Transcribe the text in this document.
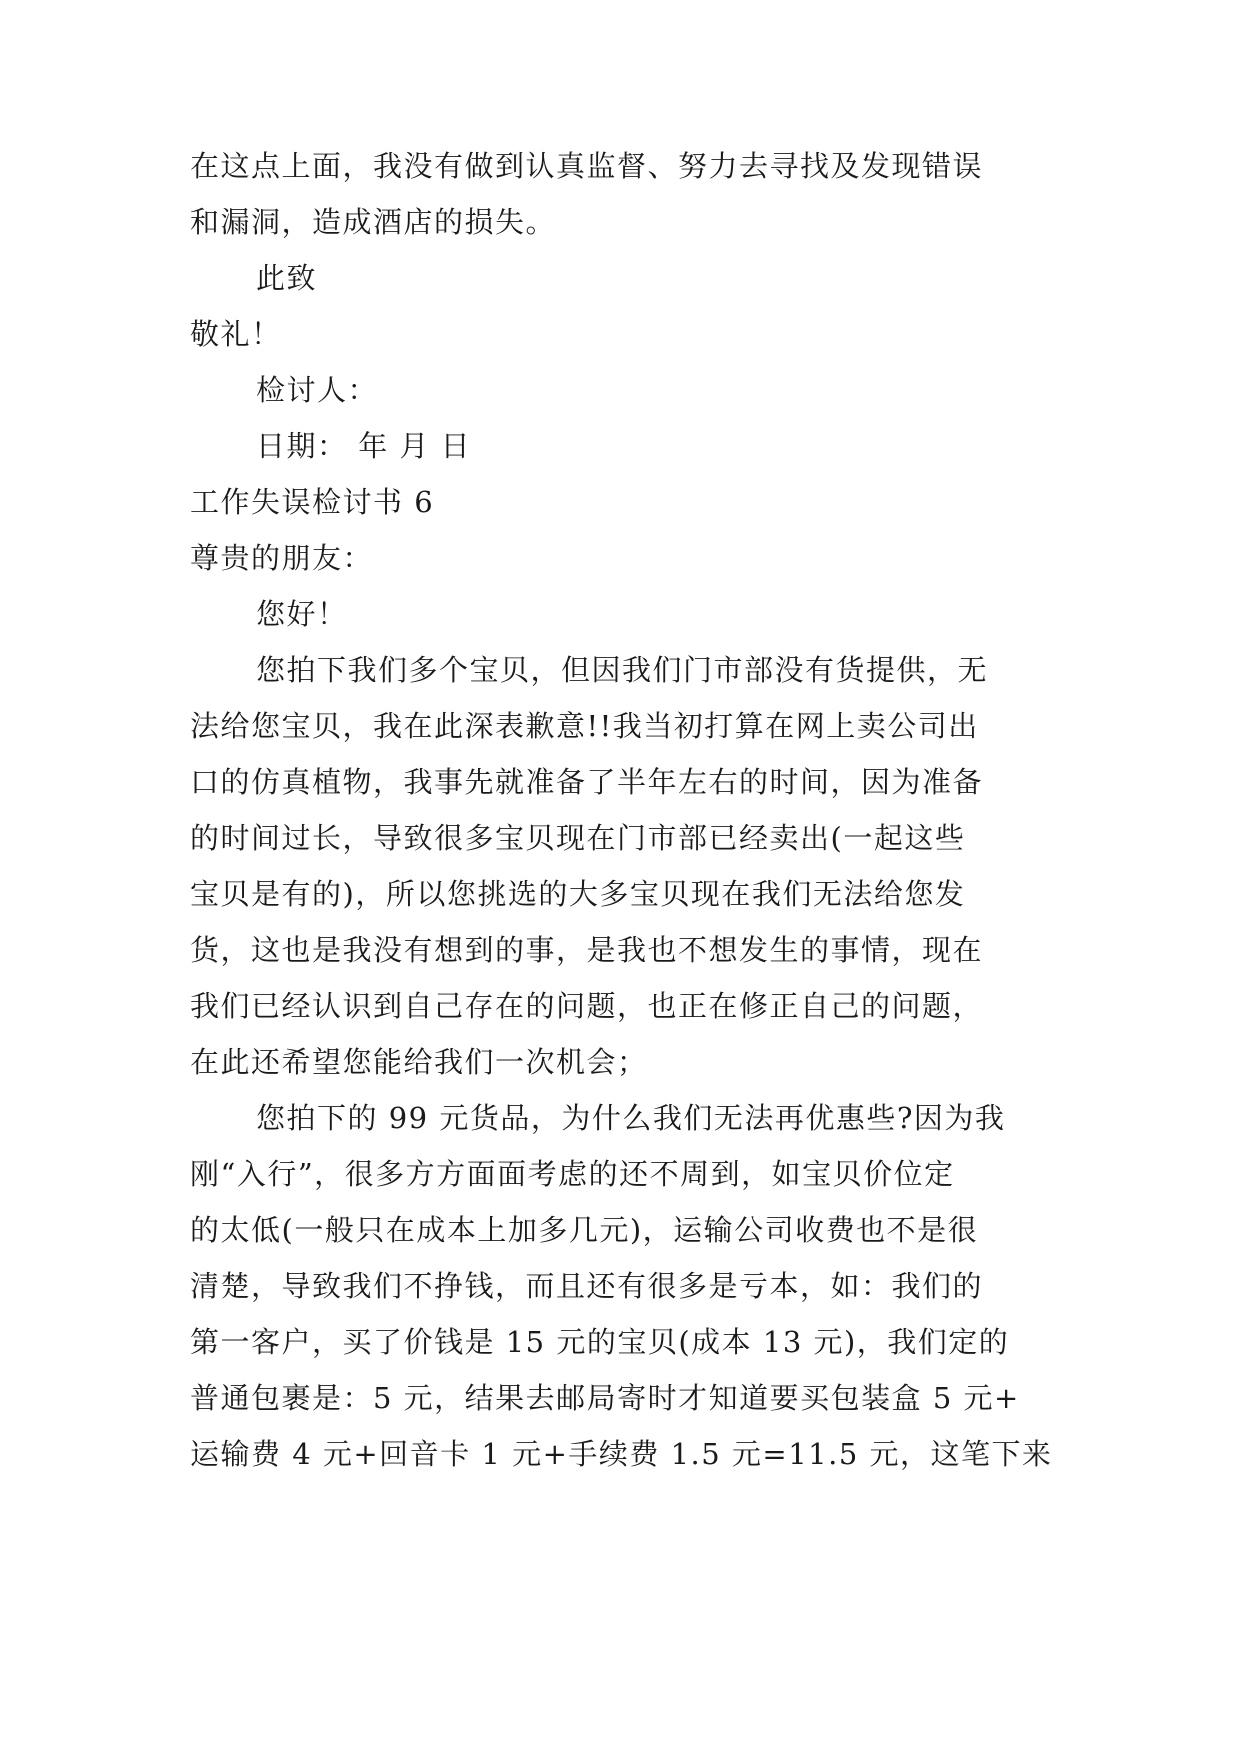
在这点上面，我没有做到认真监督、努力去寻找及发现错误
和漏洞，造成酒店的损失。
此致
敬礼！
检讨人：
日期： 年 月 日
工作失误检讨书 6
尊贵的朋友：
您好！
您拍下我们多个宝贝，但因我们门市部没有货提供，无
法给您宝贝，我在此深表歉意!!我当初打算在网上卖公司出
口的仿真植物，我事先就准备了半年左右的时间，因为准备
的时间过长，导致很多宝贝现在门市部已经卖出(一起这些
宝贝是有的)，所以您挑选的大多宝贝现在我们无法给您发
货，这也是我没有想到的事，是我也不想发生的事情，现在
我们已经认识到自己存在的问题，也正在修正自己的问题，
在此还希望您能给我们一次机会；
您拍下的 99 元货品，为什么我们无法再优惠些?因为我
刚“入行”，很多方方面面考虑的还不周到，如宝贝价位定
的太低(一般只在成本上加多几元)，运输公司收费也不是很
清楚，导致我们不挣钱，而且还有很多是亏本，如：我们的
第一客户，买了价钱是 15 元的宝贝(成本 13 元)，我们定的
普通包裹是：5 元，结果去邮局寄时才知道要买包装盒 5 元+
运输费 4 元+回音卡 1 元+手续费 1.5 元=11.5 元，这笔下来
